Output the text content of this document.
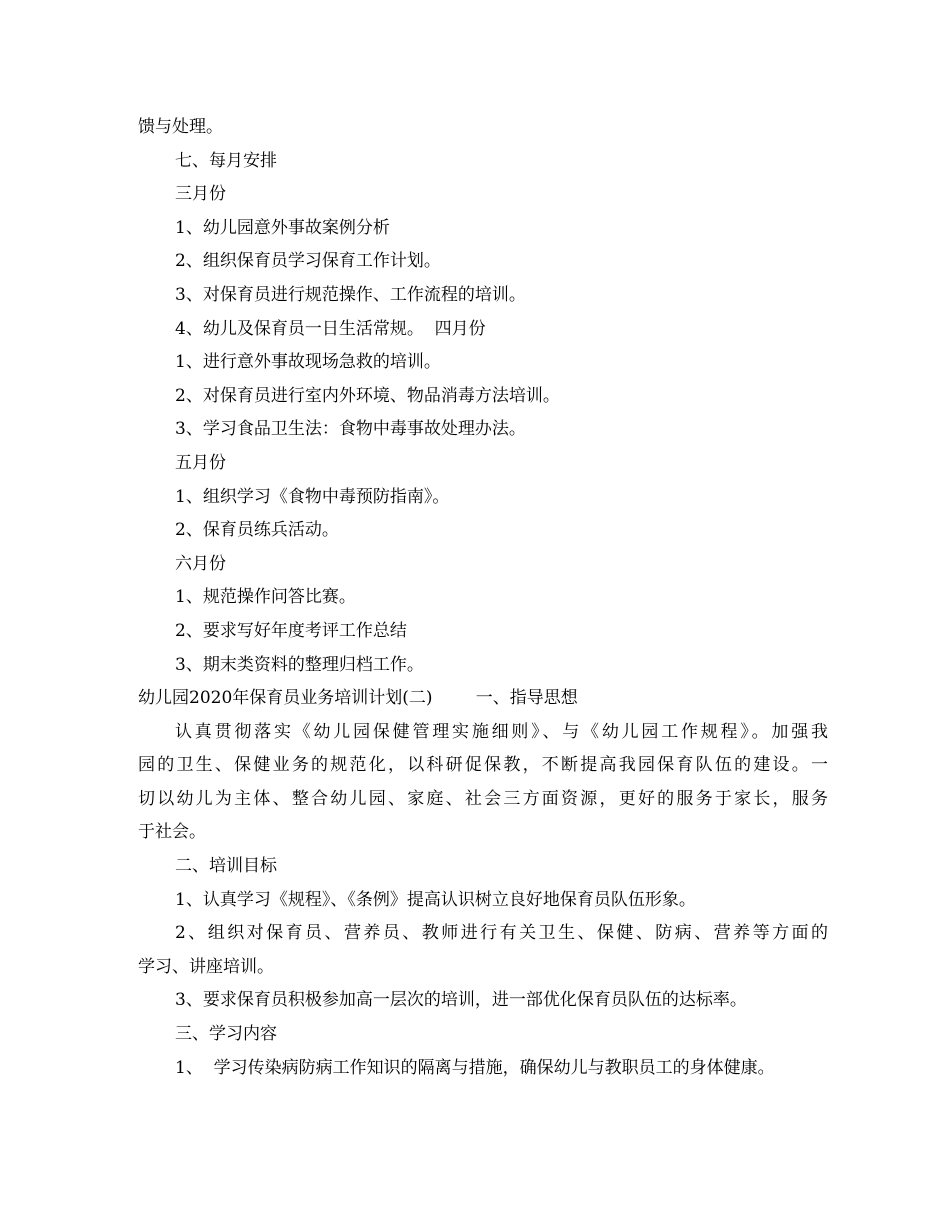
馈与处理。

七、每月安排

三月份

1、幼儿园意外事故案例分析

2、组织保育员学习保育工作计划。

3、对保育员进行规范操作、工作流程的培训。

4、幼儿及保育员一日生活常规。  四月份

1、进行意外事故现场急救的培训。

2、对保育员进行室内外环境、物品消毒方法培训。

3、学习食品卫生法：食物中毒事故处理办法。

五月份

1、组织学习《食物中毒预防指南》。

2、保育员练兵活动。

六月份

1、规范操作问答比赛。

2、要求写好年度考评工作总结

3、期末类资料的整理归档工作。

幼儿园2020年保育员业务培训计划(二)        一、指导思想

认真贯彻落实《幼儿园保健管理实施细则》、与《幼儿园工作规程》。加强我

园的卫生、保健业务的规范化，以科研促保教，不断提高我园保育队伍的建设。一

切以幼儿为主体、整合幼儿园、家庭、社会三方面资源，更好的服务于家长，服务

于社会。

二、培训目标

1、认真学习《规程》、《条例》提高认识树立良好地保育员队伍形象。

2、组织对保育员、营养员、教师进行有关卫生、保健、防病、营养等方面的

学习、讲座培训。

3、要求保育员积极参加高一层次的培训，进一部优化保育员队伍的达标率。

三、学习内容

1、  学习传染病防病工作知识的隔离与措施，确保幼儿与教职员工的身体健康。
